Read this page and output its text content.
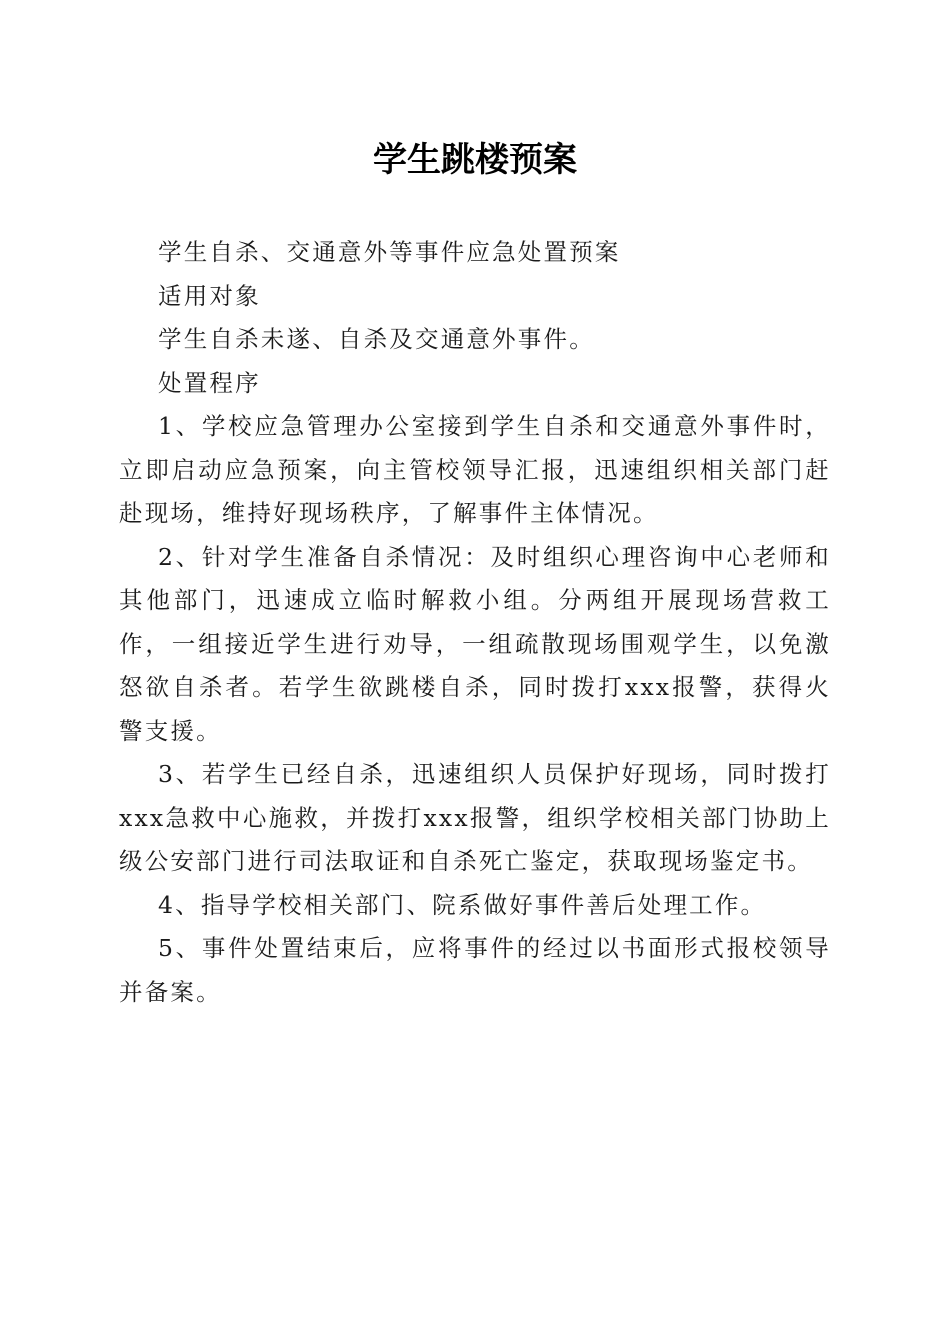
学生跳楼预案

学生自杀、交通意外等事件应急处置预案

适用对象

学生自杀未遂、自杀及交通意外事件。

处置程序

1、学校应急管理办公室接到学生自杀和交通意外事件时，立即启动应急预案，向主管校领导汇报，迅速组织相关部门赶赴现场，维持好现场秩序，了解事件主体情况。

2、针对学生准备自杀情况：及时组织心理咨询中心老师和其他部门，迅速成立临时解救小组。分两组开展现场营救工作，一组接近学生进行劝导，一组疏散现场围观学生，以免激怒欲自杀者。若学生欲跳楼自杀，同时拨打xxx报警，获得火警支援。

3、若学生已经自杀，迅速组织人员保护好现场，同时拨打xxx急救中心施救，并拨打xxx报警，组织学校相关部门协助上级公安部门进行司法取证和自杀死亡鉴定，获取现场鉴定书。

4、指导学校相关部门、院系做好事件善后处理工作。

5、事件处置结束后，应将事件的经过以书面形式报校领导并备案。
